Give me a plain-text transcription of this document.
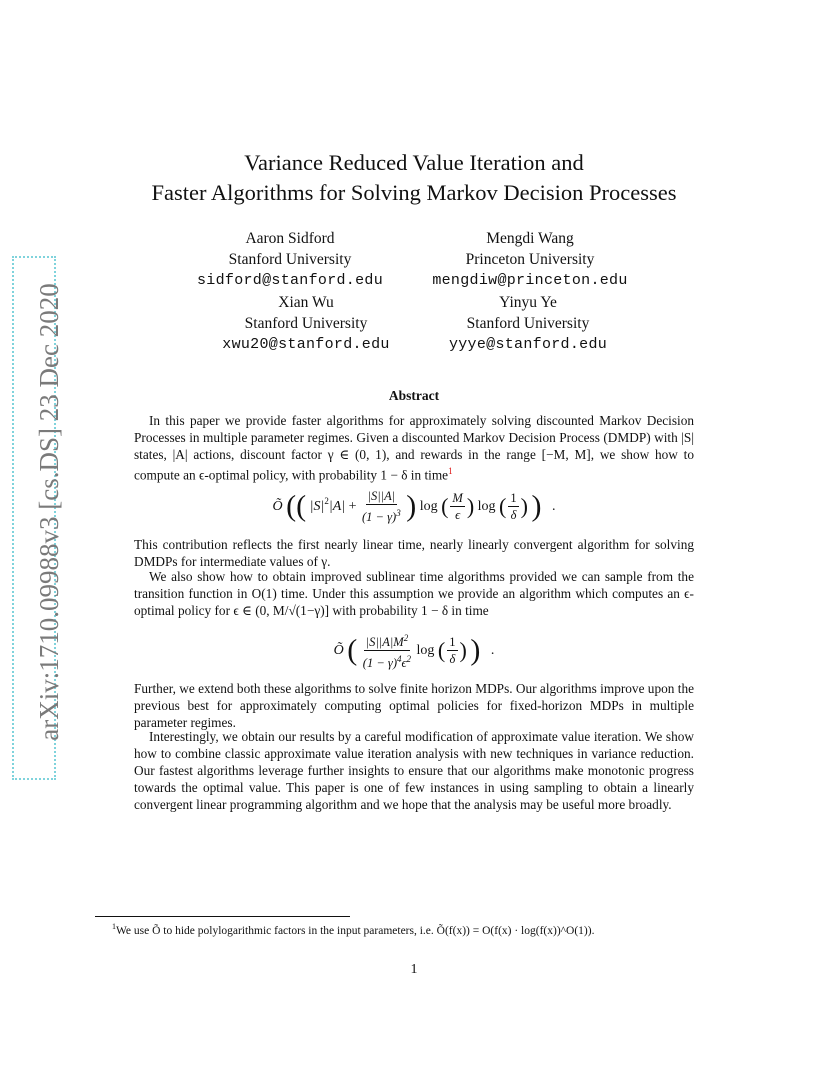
arXiv:1710.09988v3 [cs.DS] 23 Dec 2020
Variance Reduced Value Iteration and
Faster Algorithms for Solving Markov Decision Processes
Aaron Sidford
Stanford University
sidford@stanford.edu
Mengdi Wang
Princeton University
mengdiw@princeton.edu
Xian Wu
Stanford University
xwu20@stanford.edu
Yinyu Ye
Stanford University
yyye@stanford.edu
Abstract
In this paper we provide faster algorithms for approximately solving discounted Markov Decision Processes in multiple parameter regimes. Given a discounted Markov Decision Process (DMDP) with |S| states, |A| actions, discount factor γ ∈ (0, 1), and rewards in the range [−M, M], we show how to compute an ϵ-optimal policy, with probability 1 − δ in time$^1$
Õ (( $|S|^2|A| + \frac{|S||A|}{(1 - \gamma)^3}$ ) log ( $\frac{M}{\epsilon}$ ) log ( $\frac{1}{\delta}$ ) )   .
This contribution reflects the first nearly linear time, nearly linearly convergent algorithm for solving DMDPs for intermediate values of γ.
We also show how to obtain improved sublinear time algorithms provided we can sample from the transition function in O(1) time. Under this assumption we provide an algorithm which computes an ϵ-optimal policy for ϵ ∈ (0, M/√(1−γ)] with probability 1 − δ in time
Õ ( $\frac{|S||A|M^2}{(1 - \gamma)^4\epsilon^2}$ log ( $\frac{1}{\delta}$ ) )   .
Further, we extend both these algorithms to solve finite horizon MDPs. Our algorithms improve upon the previous best for approximately computing optimal policies for fixed-horizon MDPs in multiple parameter regimes.
Interestingly, we obtain our results by a careful modification of approximate value iteration. We show how to combine classic approximate value iteration analysis with new techniques in variance reduction. Our fastest algorithms leverage further insights to ensure that our algorithms make monotonic progress towards the optimal value. This paper is one of few instances in using sampling to obtain a linearly convergent linear programming algorithm and we hope that the analysis may be useful more broadly.
$^1$We use Õ to hide polylogarithmic factors in the input parameters, i.e. Õ(f(x)) = O(f(x) · log(f(x))^O(1)).
1
